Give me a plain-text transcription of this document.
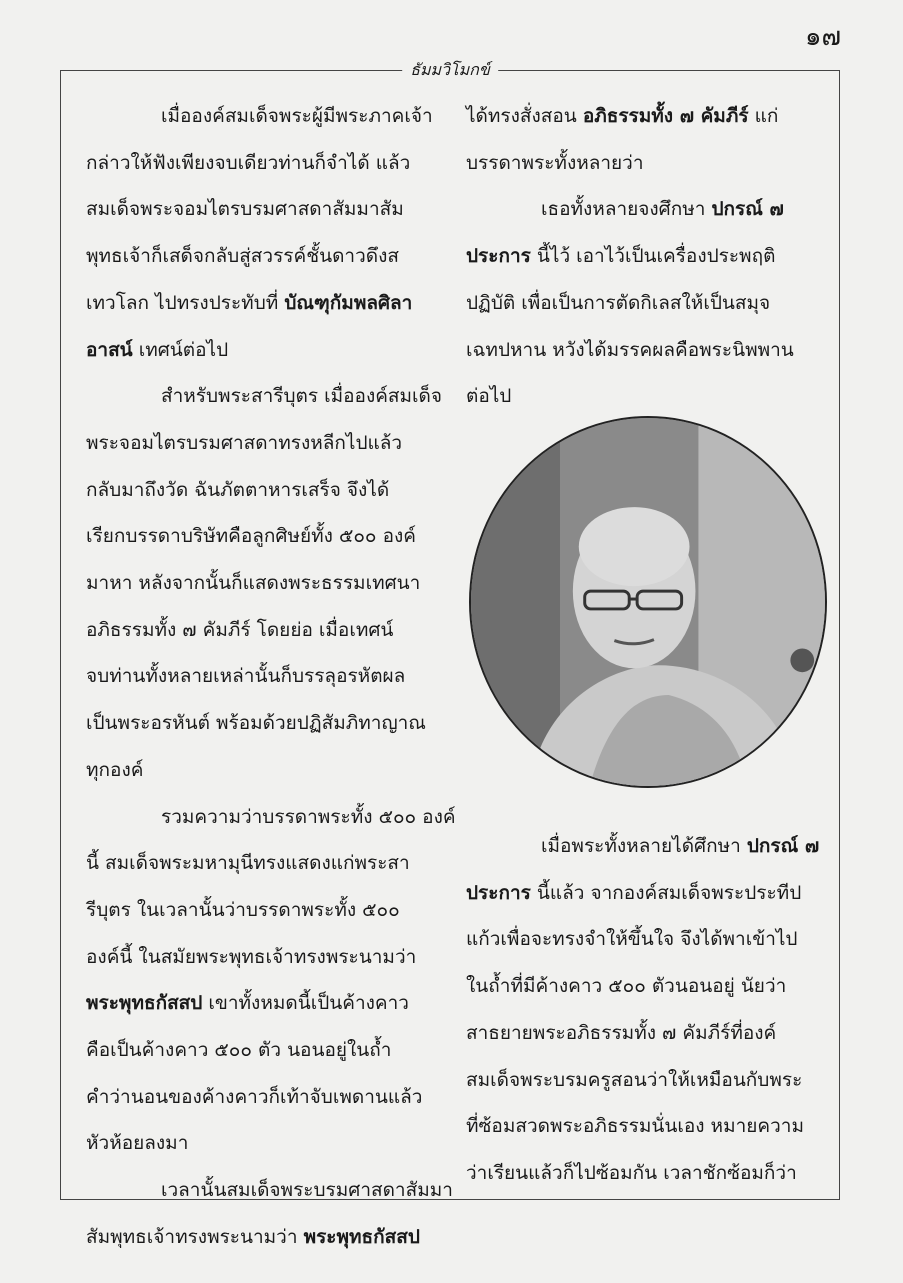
๑๗
ธัมมวิโมกข์
เมื่อองค์สมเด็จพระผู้มีพระภาคเจ้า
กล่าวให้ฟังเพียงจบเดียวท่านก็จำได้ แล้ว
สมเด็จพระจอมไตรบรมศาสดาสัมมาสัม
พุทธเจ้าก็เสด็จกลับสู่สวรรค์ชั้นดาวดึงส
เทวโลก ไปทรงประทับที่ บัณฑุกัมพลศิลา
อาสน์ เทศน์ต่อไป
สำหรับพระสารีบุตร เมื่อองค์สมเด็จ
พระจอมไตรบรมศาสดาทรงหลีกไปแล้ว
กลับมาถึงวัด ฉันภัตตาหารเสร็จ จึงได้
เรียกบรรดาบริษัทคือลูกศิษย์ทั้ง ๕๐๐ องค์
มาหา หลังจากนั้นก็แสดงพระธรรมเทศนา
อภิธรรมทั้ง ๗ คัมภีร์ โดยย่อ เมื่อเทศน์
จบท่านทั้งหลายเหล่านั้นก็บรรลุอรหัตผล
เป็นพระอรหันต์ พร้อมด้วยปฏิสัมภิทาญาณ
ทุกองค์
รวมความว่าบรรดาพระทั้ง ๕๐๐ องค์
นี้ สมเด็จพระมหามุนีทรงแสดงแก่พระสา
รีบุตร ในเวลานั้นว่าบรรดาพระทั้ง ๕๐๐
องค์นี้ ในสมัยพระพุทธเจ้าทรงพระนามว่า
พระพุทธกัสสป เขาทั้งหมดนี้เป็นค้างคาว
คือเป็นค้างคาว ๕๐๐ ตัว นอนอยู่ในถ้ำ
คำว่านอนของค้างคาวก็เท้าจับเพดานแล้ว
หัวห้อยลงมา
เวลานั้นสมเด็จพระบรมศาสดาสัมมา
สัมพุทธเจ้าทรงพระนามว่า พระพุทธกัสสป
ได้ทรงสั่งสอน อภิธรรมทั้ง ๗ คัมภีร์ แก่
บรรดาพระทั้งหลายว่า
เธอทั้งหลายจงศึกษา ปกรณ์ ๗
ประการ นี้ไว้ เอาไว้เป็นเครื่องประพฤติ
ปฏิบัติ เพื่อเป็นการตัดกิเลสให้เป็นสมุจ
เฉทปหาน หวังได้มรรคผลคือพระนิพพาน
ต่อไป
เมื่อพระทั้งหลายได้ศึกษา ปกรณ์ ๗
ประการ นี้แล้ว จากองค์สมเด็จพระประทีป
แก้วเพื่อจะทรงจำให้ขึ้นใจ จึงได้พาเข้าไป
ในถ้ำที่มีค้างคาว ๕๐๐ ตัวนอนอยู่ นัยว่า
สาธยายพระอภิธรรมทั้ง ๗ คัมภีร์ที่องค์
สมเด็จพระบรมครูสอนว่าให้เหมือนกับพระ
ที่ซ้อมสวดพระอภิธรรมนั่นเอง หมายความ
ว่าเรียนแล้วก็ไปซ้อมกัน เวลาชักซ้อมก็ว่า
